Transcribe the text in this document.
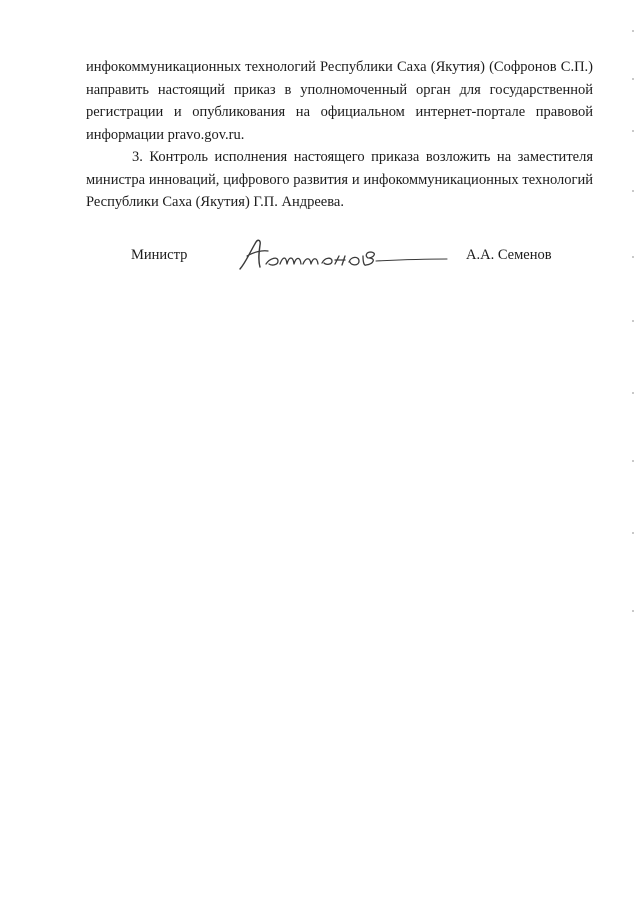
инфокоммуникационных технологий Республики Саха (Якутия) (Софронов С.П.) направить настоящий приказ в уполномоченный орган для государственной регистрации и опубликования на официальном интернет-портале правовой информации pravo.gov.ru.

3. Контроль исполнения настоящего приказа возложить на заместителя министра инноваций, цифрового развития и инфокоммуникационных технологий Республики Саха (Якутия) Г.П. Андреева.

Министр	А.А. Семенов
